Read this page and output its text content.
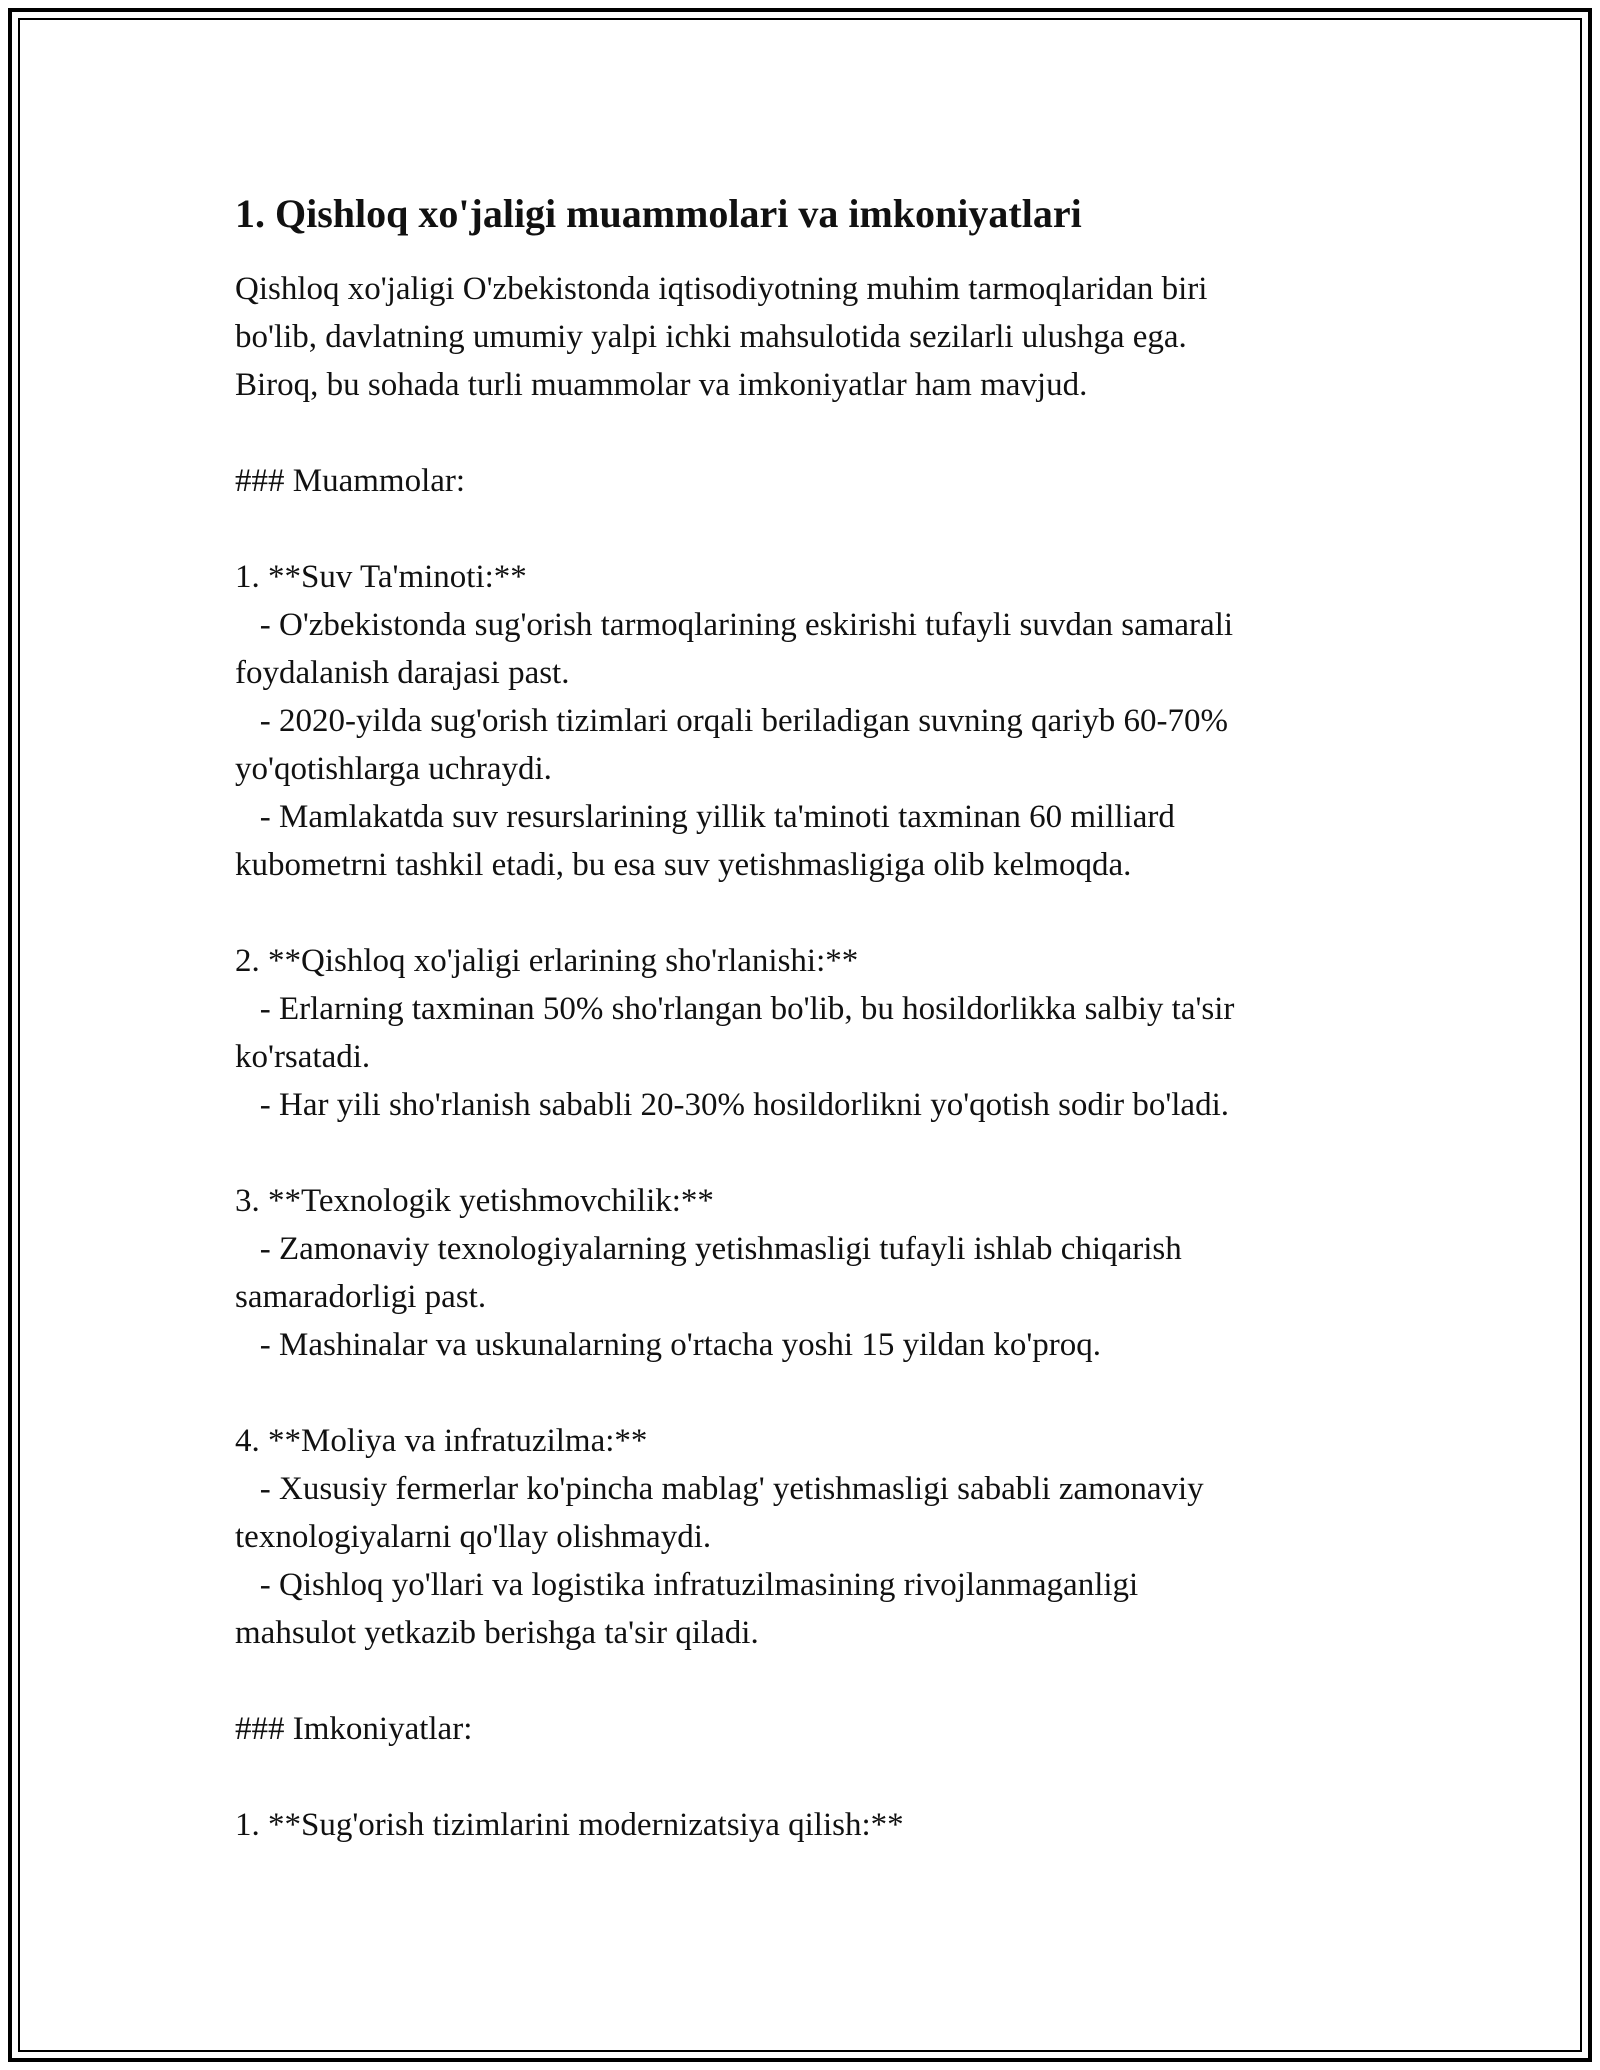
1. Qishloq xo'jaligi muammolari va imkoniyatlari

Qishloq xo'jaligi O'zbekistonda iqtisodiyotning muhim tarmoqlaridan biri

bo'lib, davlatning umumiy yalpi ichki mahsulotida sezilarli ulushga ega.

Biroq, bu sohada turli muammolar va imkoniyatlar ham mavjud.

### Muammolar:

1. **Suv Ta'minoti:**

- O'zbekistonda sug'orish tarmoqlarining eskirishi tufayli suvdan samarali

foydalanish darajasi past.

- 2020-yilda sug'orish tizimlari orqali beriladigan suvning qariyb 60-70%

yo'qotishlarga uchraydi.

- Mamlakatda suv resurslarining yillik ta'minoti taxminan 60 milliard

kubometrni tashkil etadi, bu esa suv yetishmasligiga olib kelmoqda.

2. **Qishloq xo'jaligi erlarining sho'rlanishi:**

- Erlarning taxminan 50% sho'rlangan bo'lib, bu hosildorlikka salbiy ta'sir

ko'rsatadi.

- Har yili sho'rlanish sababli 20-30% hosildorlikni yo'qotish sodir bo'ladi.

3. **Texnologik yetishmovchilik:**

- Zamonaviy texnologiyalarning yetishmasligi tufayli ishlab chiqarish

samaradorligi past.

- Mashinalar va uskunalarning o'rtacha yoshi 15 yildan ko'proq.

4. **Moliya va infratuzilma:**

- Xususiy fermerlar ko'pincha mablag' yetishmasligi sababli zamonaviy

texnologiyalarni qo'llay olishmaydi.

- Qishloq yo'llari va logistika infratuzilmasining rivojlanmaganligi

mahsulot yetkazib berishga ta'sir qiladi.

### Imkoniyatlar:

1. **Sug'orish tizimlarini modernizatsiya qilish:**
